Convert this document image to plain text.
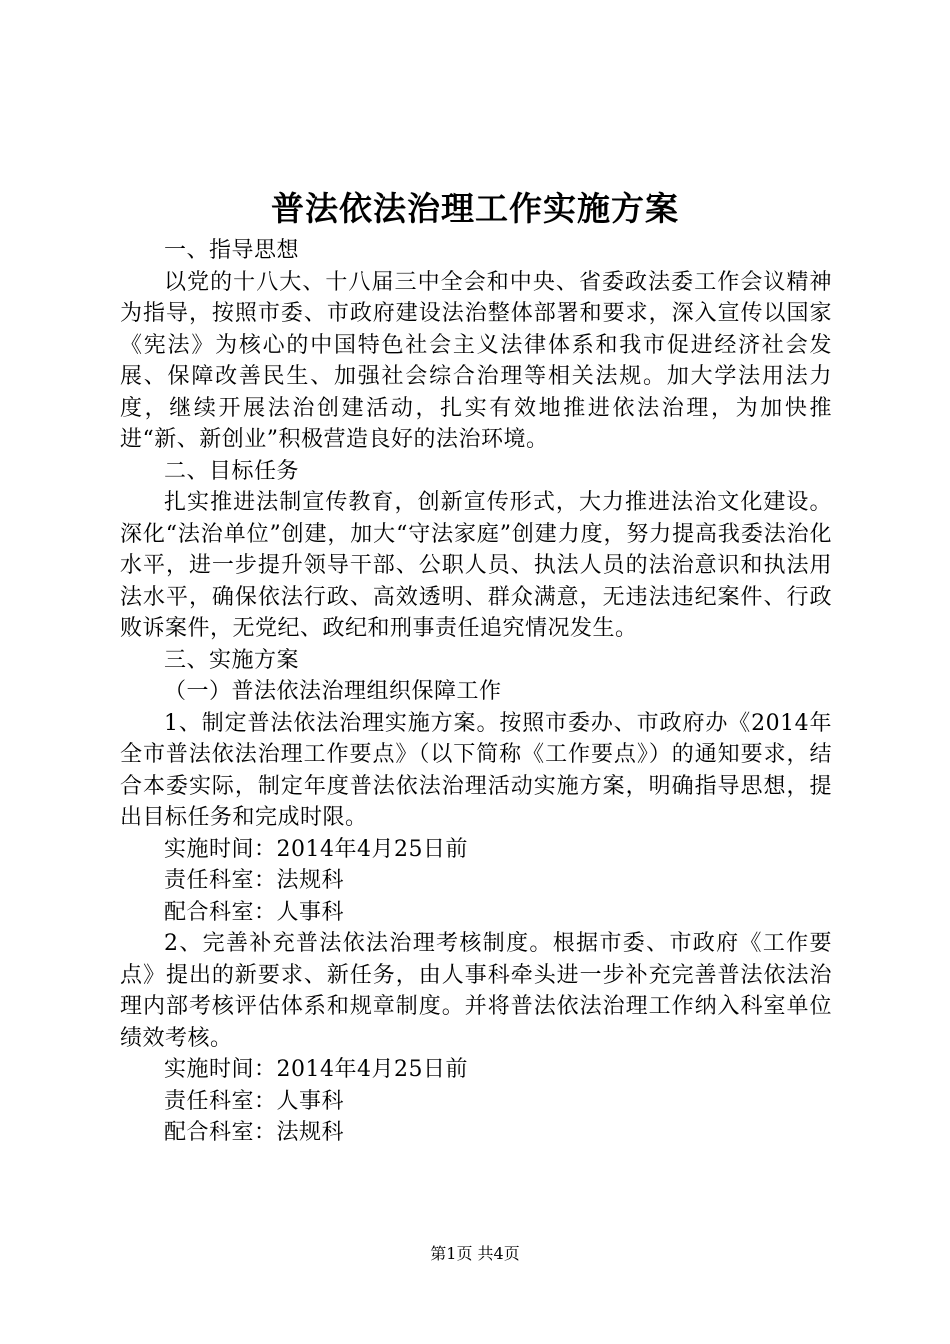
普法依法治理工作实施方案

一、指导思想

以党的十八大、十八届三中全会和中央、省委政法委工作会议精神为指导，按照市委、市政府建设法治整体部署和要求，深入宣传以国家《宪法》为核心的中国特色社会主义法律体系和我市促进经济社会发展、保障改善民生、加强社会综合治理等相关法规。加大学法用法力度，继续开展法治创建活动，扎实有效地推进依法治理，为加快推进“新、新创业”积极营造良好的法治环境。

二、目标任务

扎实推进法制宣传教育，创新宣传形式，大力推进法治文化建设。深化“法治单位”创建，加大“守法家庭”创建力度，努力提高我委法治化水平，进一步提升领导干部、公职人员、执法人员的法治意识和执法用法水平，确保依法行政、高效透明、群众满意，无违法违纪案件、行政败诉案件，无党纪、政纪和刑事责任追究情况发生。

三、实施方案

（一）普法依法治理组织保障工作

1、制定普法依法治理实施方案。按照市委办、市政府办《2014年全市普法依法治理工作要点》（以下简称《工作要点》）的通知要求，结合本委实际，制定年度普法依法治理活动实施方案，明确指导思想，提出目标任务和完成时限。

实施时间：2014年4月25日前

责任科室：法规科

配合科室：人事科

2、完善补充普法依法治理考核制度。根据市委、市政府《工作要点》提出的新要求、新任务，由人事科牵头进一步补充完善普法依法治理内部考核评估体系和规章制度。并将普法依法治理工作纳入科室单位绩效考核。

实施时间：2014年4月25日前

责任科室：人事科

配合科室：法规科

第1页 共4页
